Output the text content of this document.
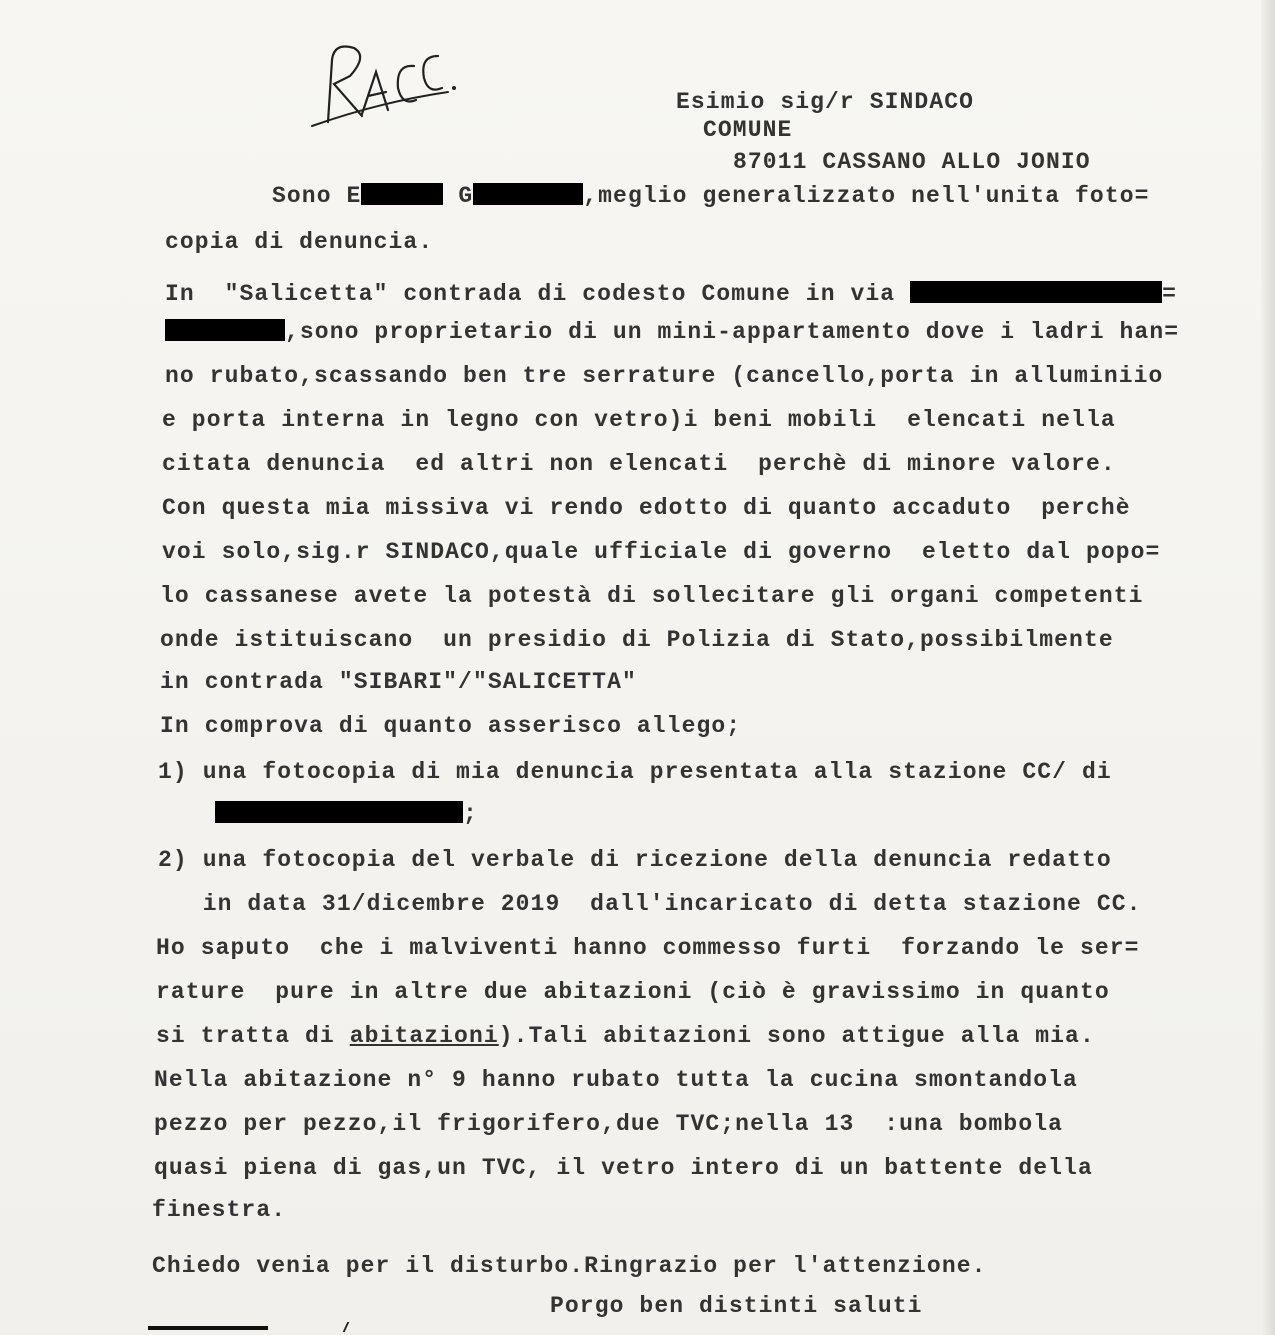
Esimio sig/r SINDACO
COMUNE
87011 CASSANO ALLO JONIO
Sono E	G	,meglio generalizzato nell'unita foto=
copia di denuncia.
In  "Salicetta" contrada di codesto Comune in via	=
,sono proprietario di un mini-appartamento dove i ladri han=
no rubato,scassando ben tre serrature (cancello,porta in alluminiio
e porta interna in legno con vetro)i beni mobili  elencati nella
citata denuncia  ed altri non elencati  perchè di minore valore.
Con questa mia missiva vi rendo edotto di quanto accaduto  perchè
voi solo,sig.r SINDACO,quale ufficiale di governo  eletto dal popo=
lo cassanese avete la potestà di sollecitare gli organi competenti
onde istituiscano  un presidio di Polizia di Stato,possibilmente
in contrada "SIBARI"/"SALICETTA"
In comprova di quanto asserisco allego;
1) una fotocopia di mia denuncia presentata alla stazione CC/ di
;
2) una fotocopia del verbale di ricezione della denuncia redatto
in data 31/dicembre 2019  dall'incaricato di detta stazione CC.
Ho saputo  che i malviventi hanno commesso furti  forzando le ser=
rature  pure in altre due abitazioni (ciò è gravissimo in quanto
si tratta di abitazioni).Tali abitazioni sono attigue alla mia.
Nella abitazione n° 9 hanno rubato tutta la cucina smontandola
pezzo per pezzo,il frigorifero,due TVC;nella 13  :una bombola
quasi piena di gas,un TVC, il vetro intero di un battente della
finestra.
Chiedo venia per il disturbo.Ringrazio per l'attenzione.
Porgo ben distinti saluti
